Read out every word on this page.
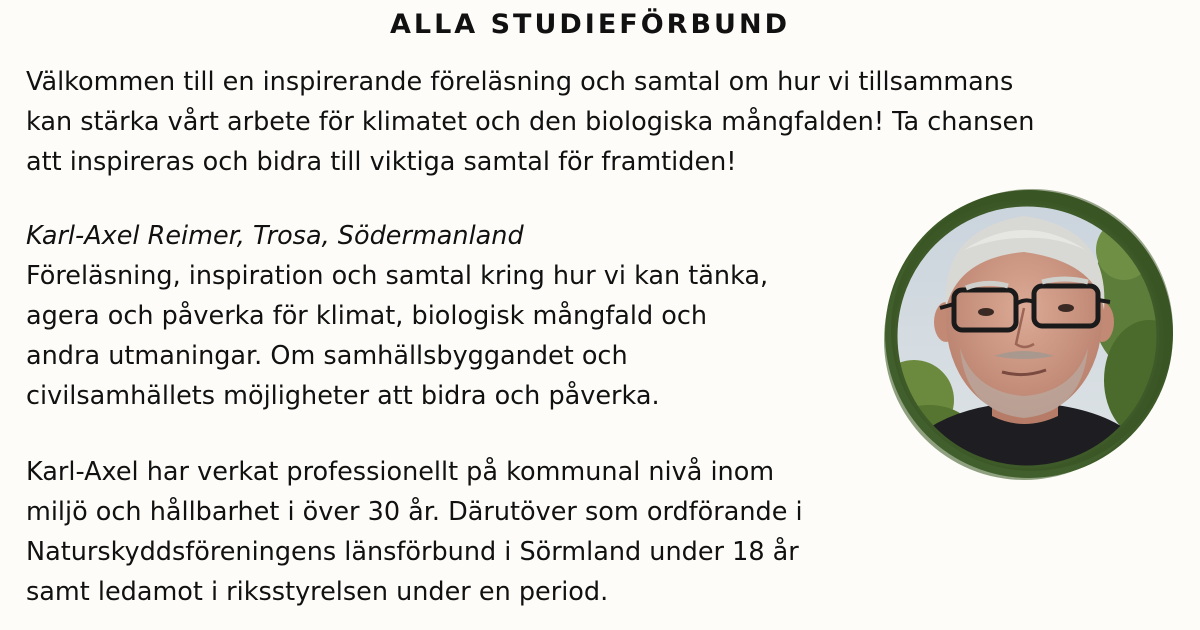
ALLA STUDIEFÖRBUND
Välkommen till en inspirerande föreläsning och samtal om hur vi tillsammans
kan stärka vårt arbete för klimatet och den biologiska mångfalden! Ta chansen
att inspireras och bidra till viktiga samtal för framtiden!
Karl-Axel Reimer, Trosa, Södermanland
Föreläsning, inspiration och samtal kring hur vi kan tänka,
agera och påverka för klimat, biologisk mångfald och
andra utmaningar. Om samhällsbyggandet och
civilsamhällets möjligheter att bidra och påverka.
Karl-Axel har verkat professionellt på kommunal nivå inom
miljö och hållbarhet i över 30 år. Därutöver som ordförande i
Naturskyddsföreningens länsförbund i Sörmland under 18 år
samt ledamot i riksstyrelsen under en period.
